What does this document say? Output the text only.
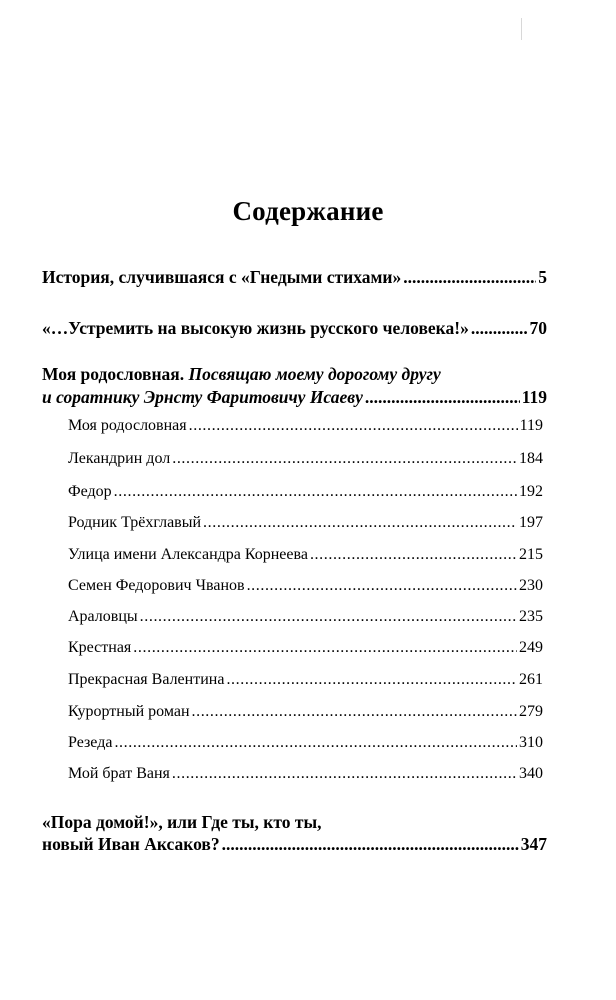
Содержание
История, случившаяся с «Гнедыми стихами» .....	5
«…Устремить на высокую жизнь русского человека!» .....	70
Моя родословная. Посвящаю моему дорогому другу
и соратнику Эрнсту Фаритовичу Исаеву .....	119
Моя родословная .....	119
Лекандрин дол .....	184
Федор .....	192
Родник Трёхглавый .....	197
Улица имени Александра Корнеева .....	215
Семен Федорович Чванов .....	230
Араловцы .....	235
Крестная .....	249
Прекрасная Валентина .....	261
Курортный роман .....	279
Резеда .....	310
Мой брат Ваня .....	340
«Пора домой!», или Где ты, кто ты,
новый Иван Аксаков? .....	347
